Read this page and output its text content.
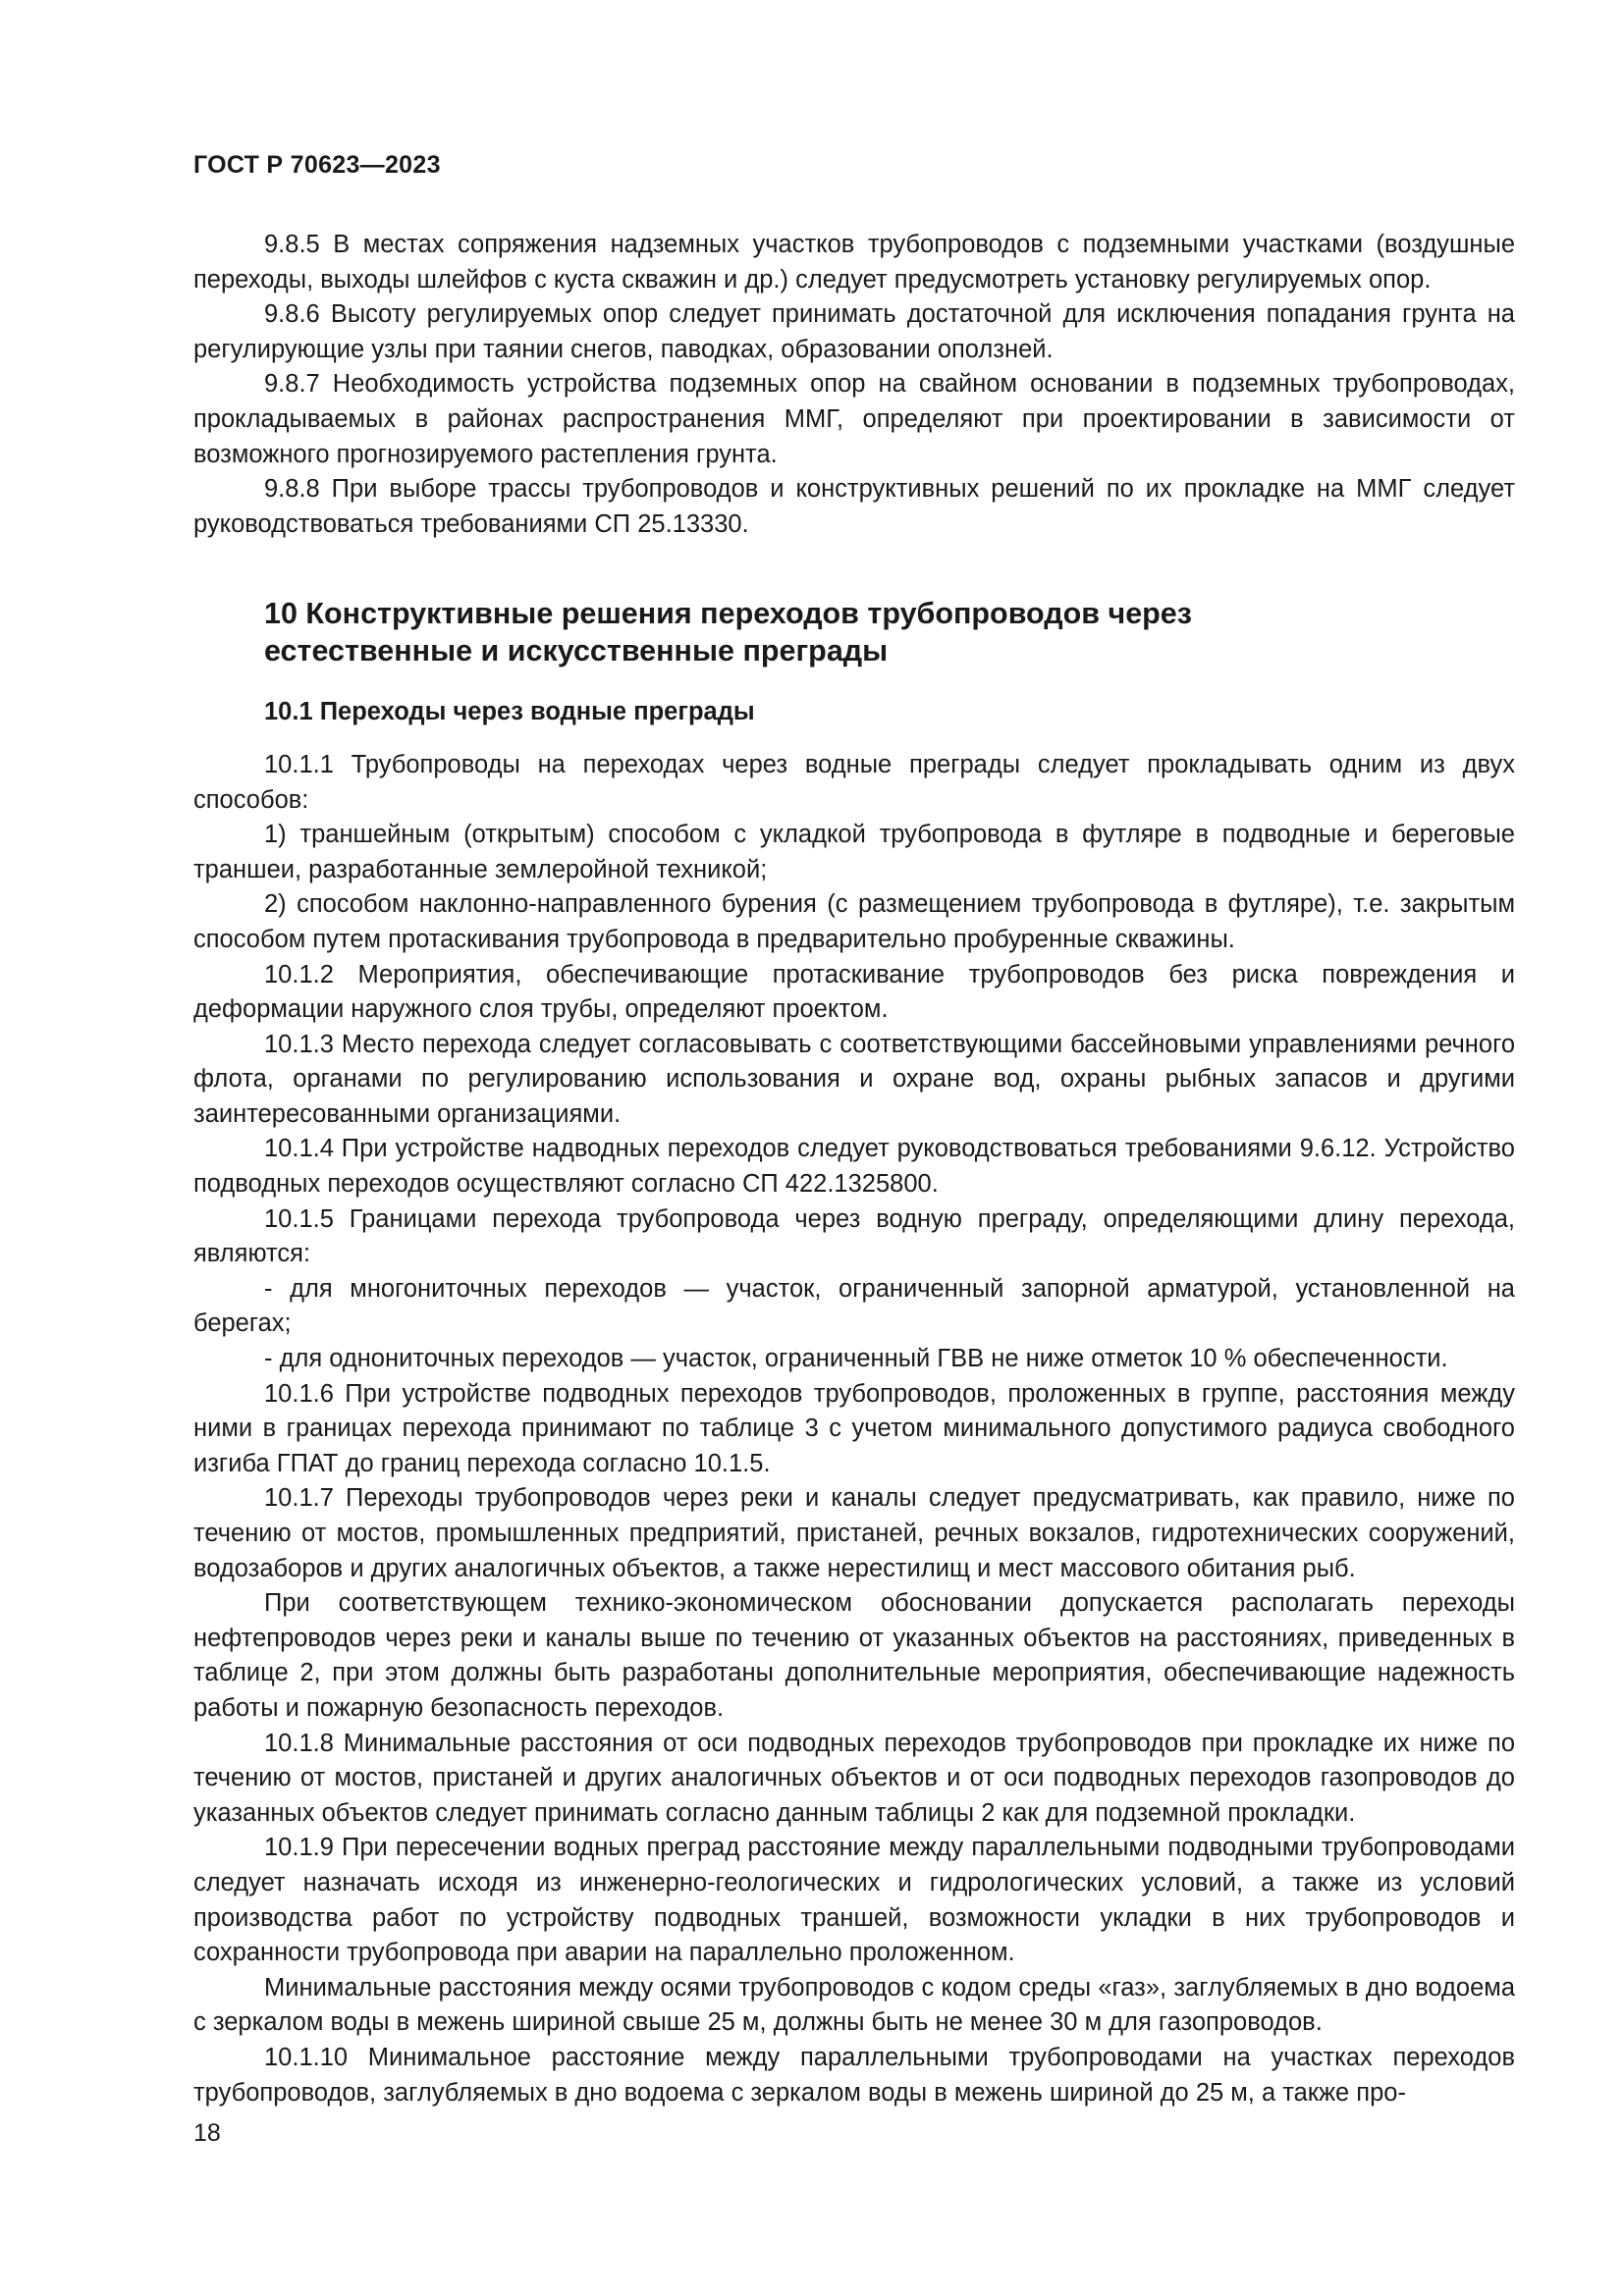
ГОСТ Р 70623—2023

9.8.5 В местах сопряжения надземных участков трубопроводов с подземными участками (воздушные переходы, выходы шлейфов с куста скважин и др.) следует предусмотреть установку регулируемых опор.

9.8.6 Высоту регулируемых опор следует принимать достаточной для исключения попадания грунта на регулирующие узлы при таянии снегов, паводках, образовании оползней.

9.8.7 Необходимость устройства подземных опор на свайном основании в подземных трубопроводах, прокладываемых в районах распространения ММГ, определяют при проектировании в зависимости от возможного прогнозируемого растепления грунта.

9.8.8 При выборе трассы трубопроводов и конструктивных решений по их прокладке на ММГ следует руководствоваться требованиями СП 25.13330.

10 Конструктивные решения переходов трубопроводов через естественные и искусственные преграды
10.1 Переходы через водные преграды

10.1.1 Трубопроводы на переходах через водные преграды следует прокладывать одним из двух способов:

1) траншейным (открытым) способом с укладкой трубопровода в футляре в подводные и береговые траншеи, разработанные землеройной техникой;

2) способом наклонно-направленного бурения (с размещением трубопровода в футляре), т.е. закрытым способом путем протаскивания трубопровода в предварительно пробуренные скважины.

10.1.2 Мероприятия, обеспечивающие протаскивание трубопроводов без риска повреждения и деформации наружного слоя трубы, определяют проектом.

10.1.3 Место перехода следует согласовывать с соответствующими бассейновыми управлениями речного флота, органами по регулированию использования и охране вод, охраны рыбных запасов и другими заинтересованными организациями.

10.1.4 При устройстве надводных переходов следует руководствоваться требованиями 9.6.12. Устройство подводных переходов осуществляют согласно СП 422.1325800.

10.1.5 Границами перехода трубопровода через водную преграду, определяющими длину перехода, являются:

- для многониточных переходов — участок, ограниченный запорной арматурой, установленной на берегах;

- для однониточных переходов — участок, ограниченный ГВВ не ниже отметок 10 % обеспеченности.

10.1.6 При устройстве подводных переходов трубопроводов, проложенных в группе, расстояния между ними в границах перехода принимают по таблице 3 с учетом минимального допустимого радиуса свободного изгиба ГПАТ до границ перехода согласно 10.1.5.

10.1.7 Переходы трубопроводов через реки и каналы следует предусматривать, как правило, ниже по течению от мостов, промышленных предприятий, пристаней, речных вокзалов, гидротехнических сооружений, водозаборов и других аналогичных объектов, а также нерестилищ и мест массового обитания рыб.

При соответствующем технико-экономическом обосновании допускается располагать переходы нефтепроводов через реки и каналы выше по течению от указанных объектов на расстояниях, приведенных в таблице 2, при этом должны быть разработаны дополнительные мероприятия, обеспечивающие надежность работы и пожарную безопасность переходов.

10.1.8 Минимальные расстояния от оси подводных переходов трубопроводов при прокладке их ниже по течению от мостов, пристаней и других аналогичных объектов и от оси подводных переходов газопроводов до указанных объектов следует принимать согласно данным таблицы 2 как для подземной прокладки.

10.1.9 При пересечении водных преград расстояние между параллельными подводными трубопроводами следует назначать исходя из инженерно-геологических и гидрологических условий, а также из условий производства работ по устройству подводных траншей, возможности укладки в них трубопроводов и сохранности трубопровода при аварии на параллельно проложенном.

Минимальные расстояния между осями трубопроводов с кодом среды «газ», заглубляемых в дно водоема с зеркалом воды в межень шириной свыше 25 м, должны быть не менее 30 м для газопроводов.

10.1.10 Минимальное расстояние между параллельными трубопроводами на участках переходов трубопроводов, заглубляемых в дно водоема с зеркалом воды в межень шириной до 25 м, а также про-

18
